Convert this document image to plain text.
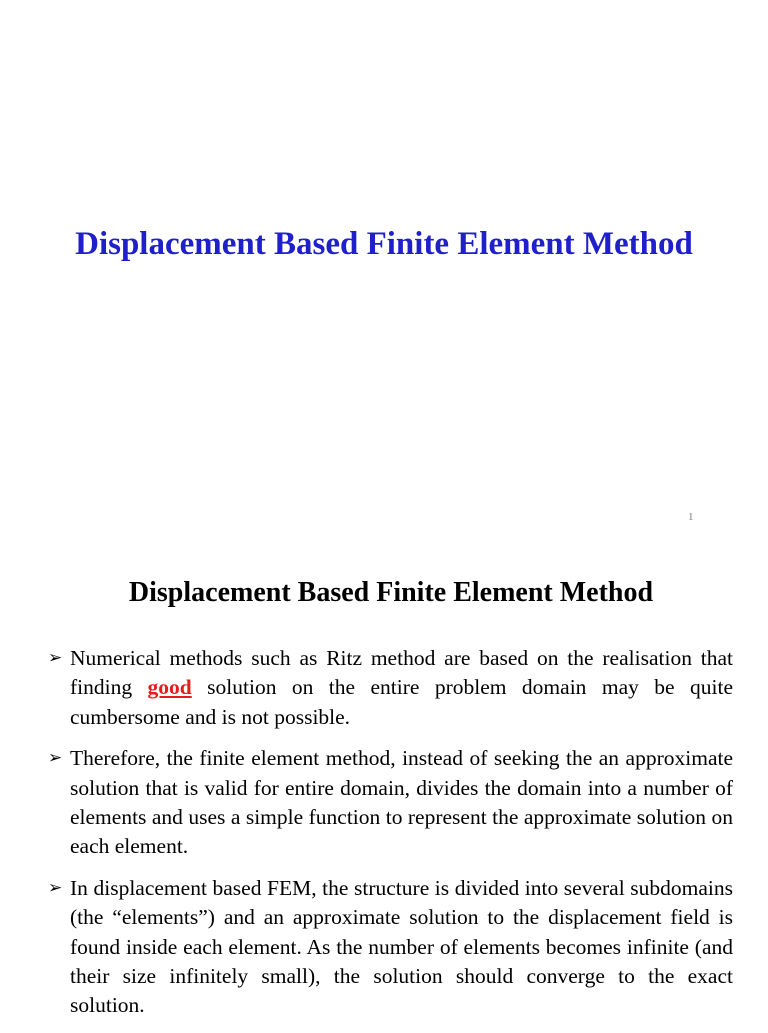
Displacement Based Finite Element Method
1
Displacement Based Finite Element Method
➢ Numerical methods such as Ritz method are based on the realisation that finding good solution on the entire problem domain may be quite cumbersome and is not possible.
➢ Therefore, the finite element method, instead of seeking the an approximate solution that is valid for entire domain, divides the domain into a number of elements and uses a simple function to represent the approximate solution on each element.
➢ In displacement based FEM, the structure is divided into several subdomains (the “elements”) and an approximate solution to the displacement field is found inside each element. As the number of elements becomes infinite (and their size infinitely small), the solution should converge to the exact solution.
